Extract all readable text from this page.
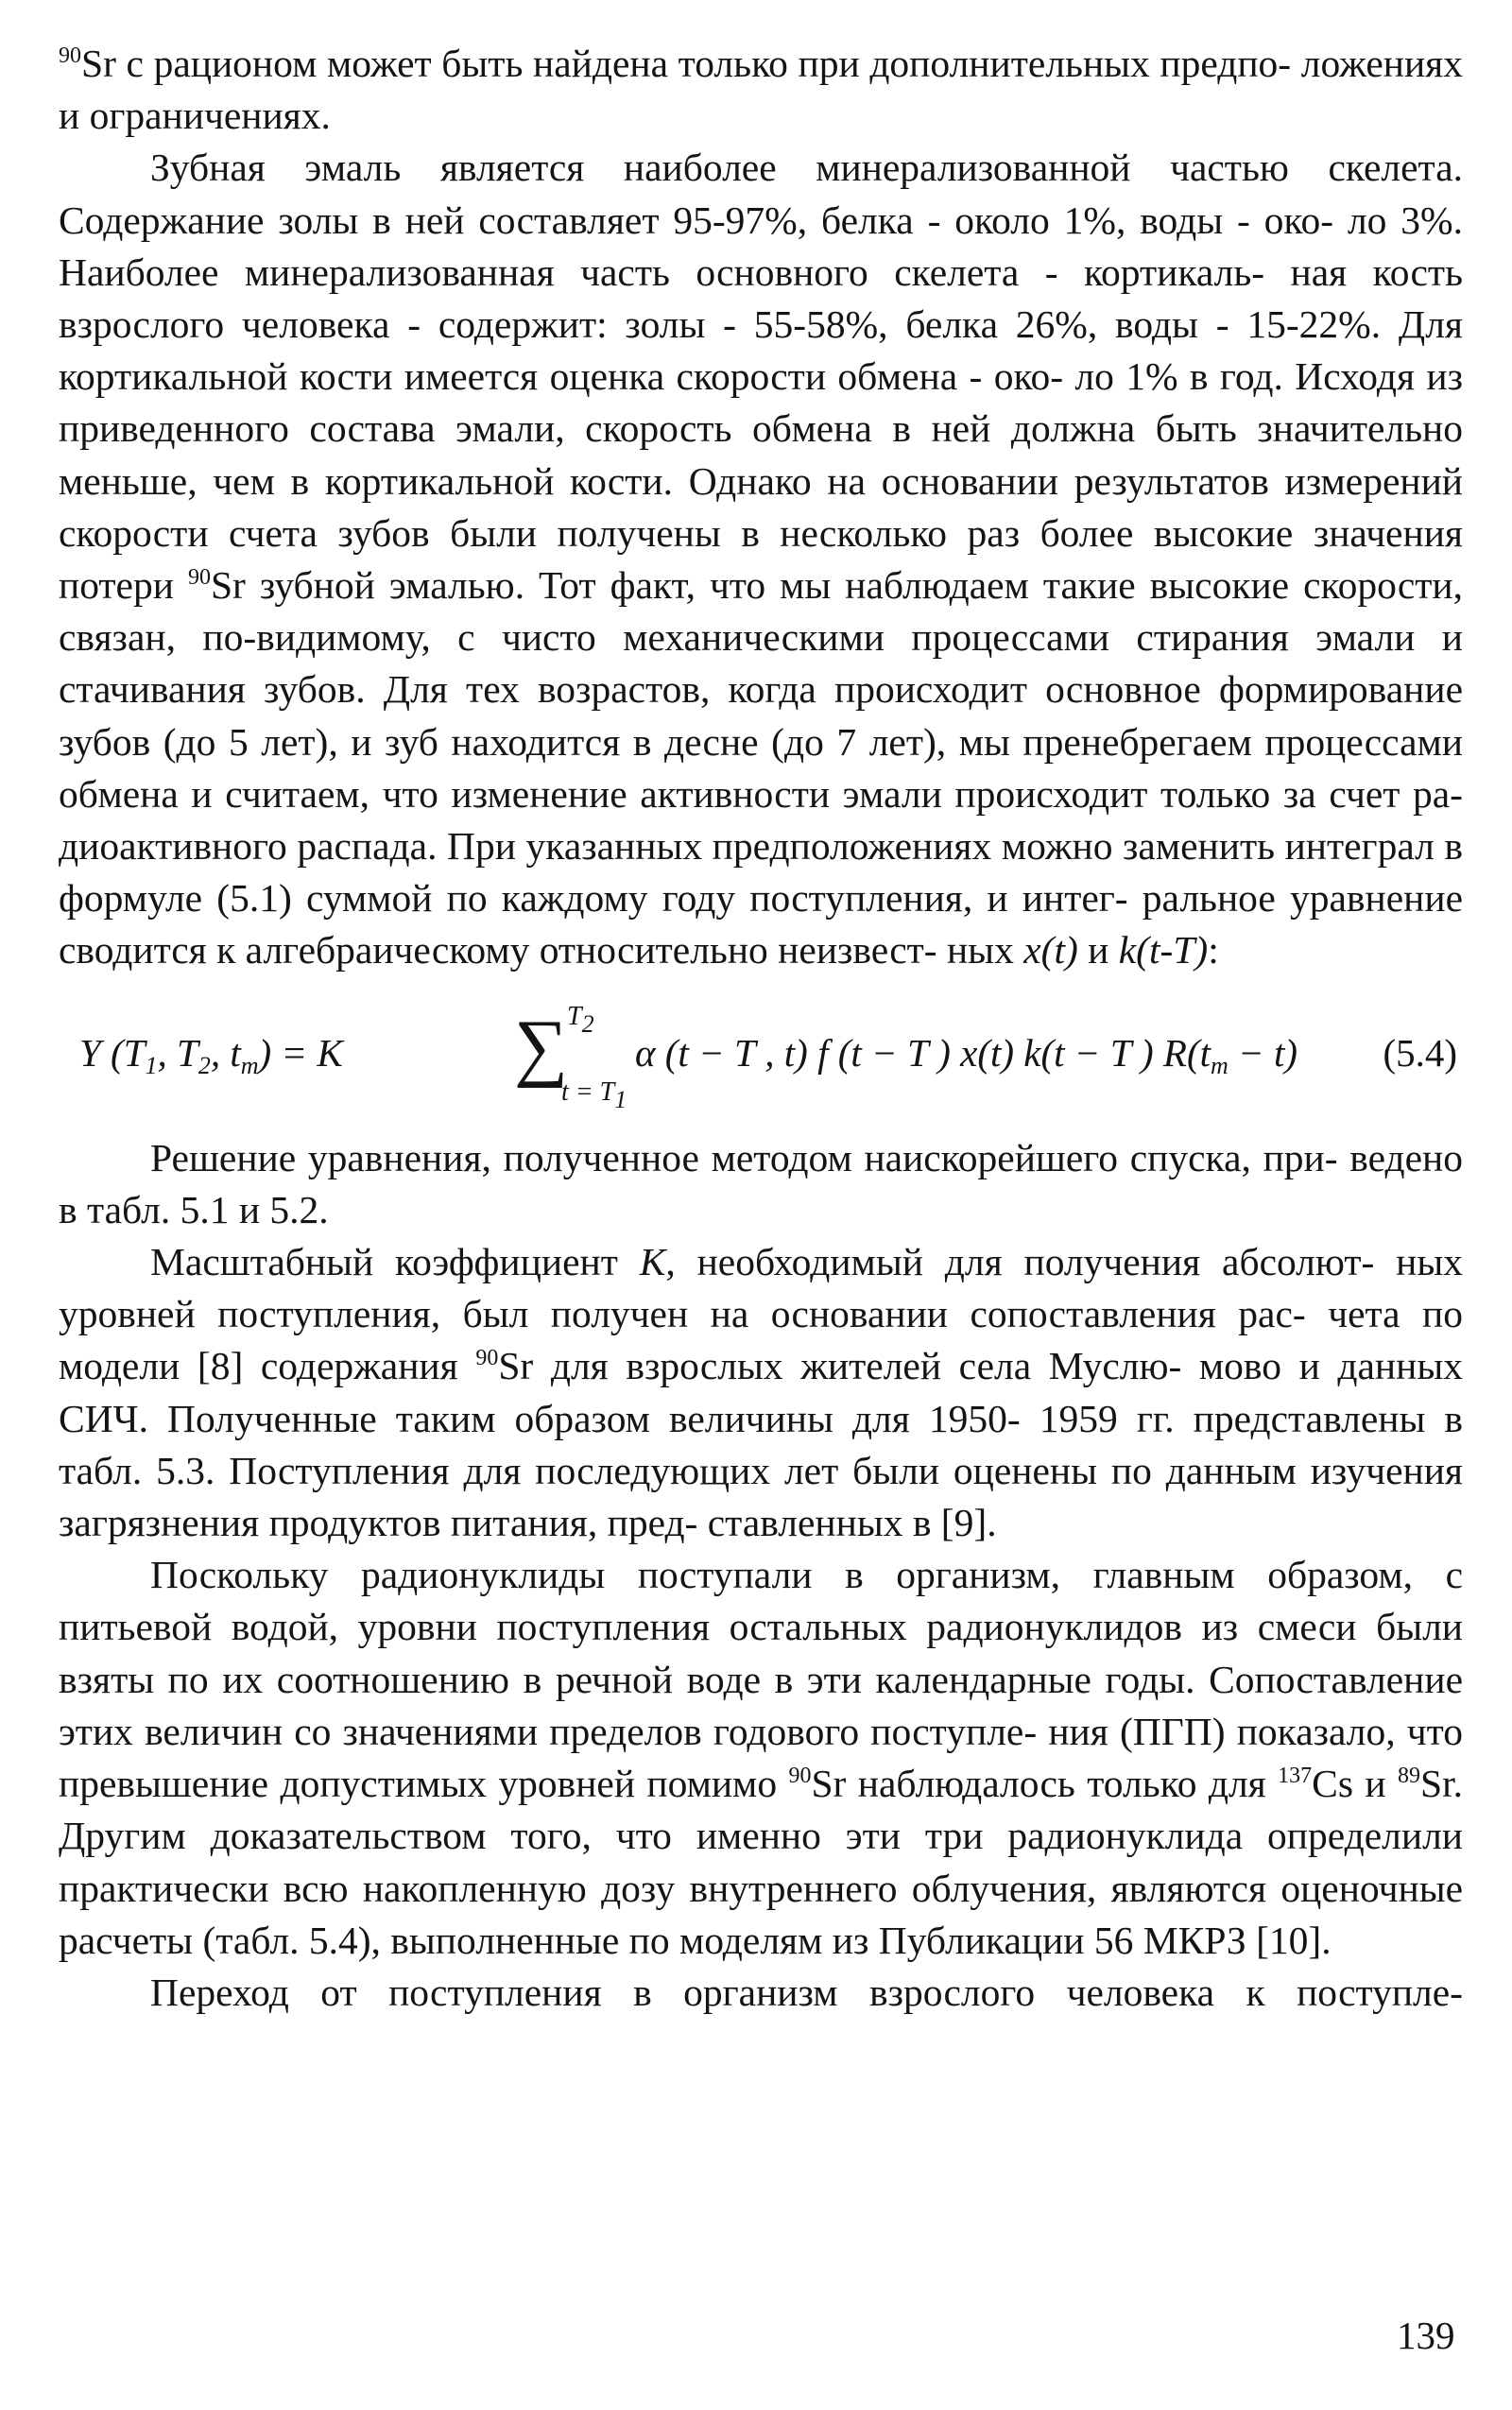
$^{90}$Sr с рационом может быть найдена только при дополнительных предпо- ложениях и ограничениях.

Зубная эмаль является наиболее минерализованной частью скелета. Содержание золы в ней составляет 95-97%, белка - около 1%, воды - око- ло 3%. Наиболее минерализованная часть основного скелета - кортикаль- ная кость взрослого человека - содержит: золы - 55-58%, белка 26%, воды - 15-22%. Для кортикальной кости имеется оценка скорости обмена - око- ло 1% в год. Исходя из приведенного состава эмали, скорость обмена в ней должна быть значительно меньше, чем в кортикальной кости. Однако на основании результатов измерений скорости счета зубов были получены в несколько раз более высокие значения потери $^{90}$Sr зубной эмалью. Тот факт, что мы наблюдаем такие высокие скорости, связан, по-видимому, с чисто механическими процессами стирания эмали и стачивания зубов. Для тех возрастов, когда происходит основное формирование зубов (до 5 лет), и зуб находится в десне (до 7 лет), мы пренебрегаем процессами обмена и считаем, что изменение активности эмали происходит только за счет ра- диоактивного распада. При указанных предположениях можно заменить интеграл в формуле (5.1) суммой по каждому году поступления, и интег- ральное уравнение сводится к алгебраическому относительно неизвест- ных x(t) и k(t-T):

Y ($T_1$, $T_2$, $t_m) = K$ ∑
$T_2$
$t = T_1$
α (t − T , t) f (t − T ) x(t) k(t − T ) $R(t_m - t)$ (5.4)

Решение уравнения, полученное методом наискорейшего спуска, при- ведено в табл. 5.1 и 5.2.

Масштабный коэффициент K, необходимый для получения абсолют- ных уровней поступления, был получен на основании сопоставления рас- чета по модели [8] содержания $^{90}$Sr для взрослых жителей села Муслю- мово и данных СИЧ. Полученные таким образом величины для 1950- 1959 гг. представлены в табл. 5.3. Поступления для последующих лет были оценены по данным изучения загрязнения продуктов питания, пред- ставленных в [9].

Поскольку радионуклиды поступали в организм, главным образом, с питьевой водой, уровни поступления остальных радионуклидов из смеси были взяты по их соотношению в речной воде в эти календарные годы. Сопоставление этих величин со значениями пределов годового поступле- ния (ПГП) показало, что превышение допустимых уровней помимо $^{90}$Sr наблюдалось только для $^{137}$Cs и $^{89}$Sr. Другим доказательством того, что именно эти три радионуклида определили практически всю накопленную дозу внутреннего облучения, являются оценочные расчеты (табл. 5.4), выполненные по моделям из Публикации 56 МКРЗ [10].

Переход от поступления в организм взрослого человека к поступле-

139
